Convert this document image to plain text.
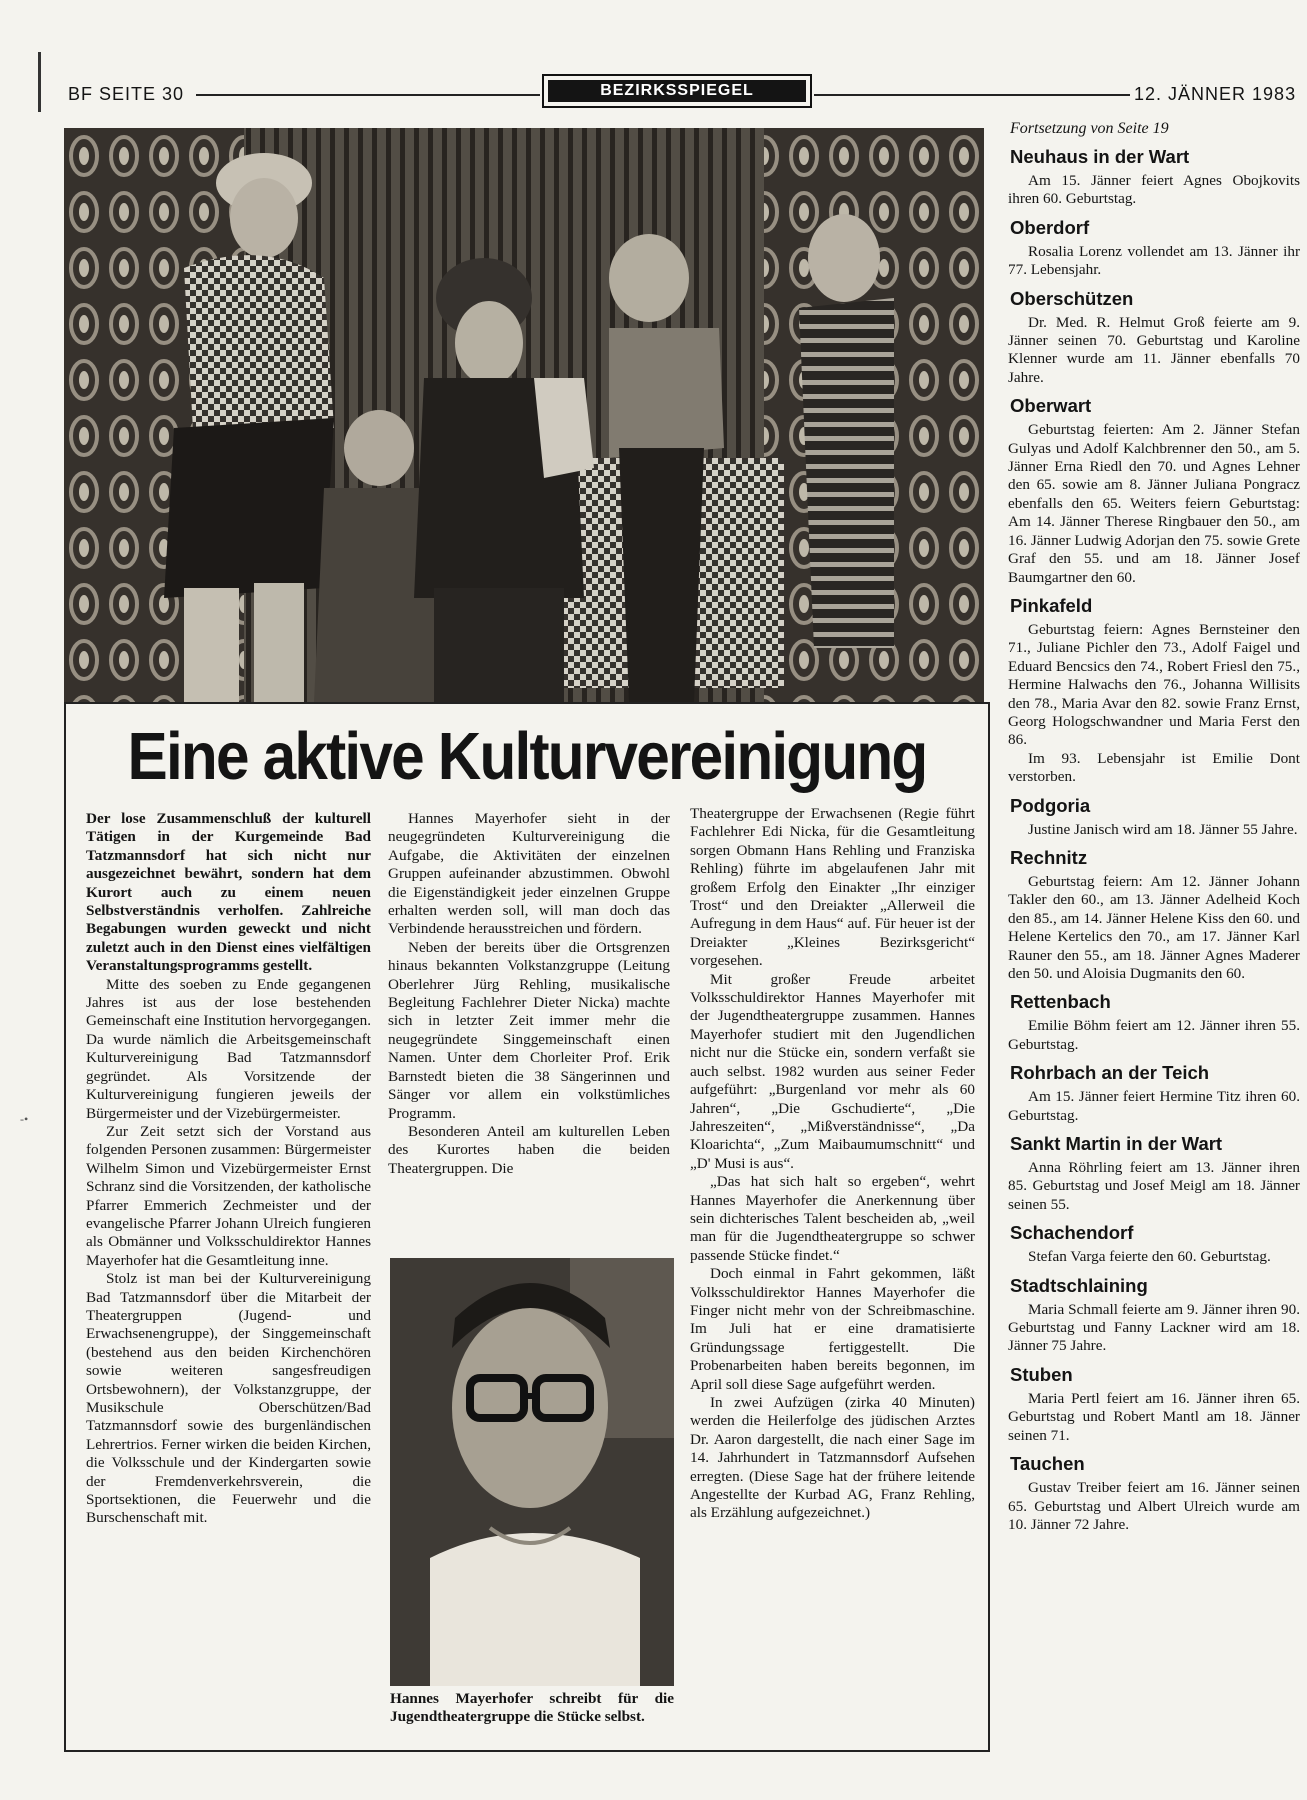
-•
BF SEITE 30	BEZIRKSSPIEGEL	12. JÄNNER 1983
Eine aktive Kulturvereinigung

Der lose Zusammenschluß der kulturell Tätigen in der Kurgemeinde Bad Tatzmannsdorf hat sich nicht nur ausgezeichnet bewährt, sondern hat dem Kurort auch zu einem neuen Selbstverständnis verholfen. Zahlreiche Begabungen wurden geweckt und nicht zuletzt auch in den Dienst eines vielfältigen Veranstaltungsprogramms gestellt.

Mitte des soeben zu Ende gegangenen Jahres ist aus der lose bestehenden Gemeinschaft eine Institution hervorgegangen. Da wurde nämlich die Arbeitsgemeinschaft Kulturvereinigung Bad Tatzmannsdorf gegründet. Als Vorsitzende der Kulturvereinigung fungieren jeweils der Bürgermeister und der Vizebürgermeister.

Zur Zeit setzt sich der Vorstand aus folgenden Personen zusammen: Bürgermeister Wilhelm Simon und Vizebürgermeister Ernst Schranz sind die Vorsitzenden, der katholische Pfarrer Emmerich Zechmeister und der evangelische Pfarrer Johann Ulreich fungieren als Obmänner und Volksschuldirektor Hannes Mayerhofer hat die Gesamtleitung inne.

Stolz ist man bei der Kulturvereinigung Bad Tatzmannsdorf über die Mitarbeit der Theatergruppen (Jugend- und Erwachsenengruppe), der Singgemeinschaft (bestehend aus den beiden Kirchenchören sowie weiteren sangesfreudigen Ortsbewohnern), der Volkstanzgruppe, der Musikschule Oberschützen/Bad Tatzmannsdorf sowie des burgenländischen Lehrertrios. Ferner wirken die beiden Kirchen, die Volksschule und der Kindergarten sowie der Fremdenverkehrsverein, die Sportsektionen, die Feuerwehr und die Burschenschaft mit.

Hannes Mayerhofer sieht in der neugegründeten Kulturvereinigung die Aufgabe, die Aktivitäten der einzelnen Gruppen aufeinander abzustimmen. Obwohl die Eigenständigkeit jeder einzelnen Gruppe erhalten werden soll, will man doch das Verbindende herausstreichen und fördern.

Neben der bereits über die Ortsgrenzen hinaus bekannten Volkstanzgruppe (Leitung Oberlehrer Jürg Rehling, musikalische Begleitung Fachlehrer Dieter Nicka) machte sich in letzter Zeit immer mehr die neugegründete Singgemeinschaft einen Namen. Unter dem Chorleiter Prof. Erik Barnstedt bieten die 38 Sängerinnen und Sänger vor allem ein volkstümliches Programm.

Besonderen Anteil am kulturellen Leben des Kurortes haben die beiden Theatergruppen. Die

Hannes Mayerhofer schreibt für die Jugendtheatergruppe die Stücke selbst.

Theatergruppe der Erwachsenen (Regie führt Fachlehrer Edi Nicka, für die Gesamtleitung sorgen Obmann Hans Rehling und Franziska Rehling) führte im abgelaufenen Jahr mit großem Erfolg den Einakter „Ihr einziger Trost“ und den Dreiakter „Allerweil die Aufregung in dem Haus“ auf. Für heuer ist der Dreiakter „Kleines Bezirksgericht“ vorgesehen.

Mit großer Freude arbeitet Volksschuldirektor Hannes Mayerhofer mit der Jugendtheatergruppe zusammen. Hannes Mayerhofer studiert mit den Jugendlichen nicht nur die Stücke ein, sondern verfaßt sie auch selbst. 1982 wurden aus seiner Feder aufgeführt: „Burgenland vor mehr als 60 Jahren“, „Die Gschudierte“, „Die Jahreszeiten“, „Mißverständnisse“, „Da Kloarichta“, „Zum Maibaumumschnitt“ und „D' Musi is aus“.

„Das hat sich halt so ergeben“, wehrt Hannes Mayerhofer die Anerkennung über sein dichterisches Talent bescheiden ab, „weil man für die Jugendtheatergruppe so schwer passende Stücke findet.“

Doch einmal in Fahrt gekommen, läßt Volksschuldirektor Hannes Mayerhofer die Finger nicht mehr von der Schreibmaschine. Im Juli hat er eine dramatisierte Gründungssage fertiggestellt. Die Probenarbeiten haben bereits begonnen, im April soll diese Sage aufgeführt werden.

In zwei Aufzügen (zirka 40 Minuten) werden die Heilerfolge des jüdischen Arztes Dr. Aaron dargestellt, die nach einer Sage im 14. Jahrhundert in Tatzmannsdorf Aufsehen erregten. (Diese Sage hat der frühere leitende Angestellte der Kurbad AG, Franz Rehling, als Erzählung aufgezeichnet.)

Fortsetzung von Seite 19
Neuhaus in der Wart

Am 15. Jänner feiert Agnes Obojkovits ihren 60. Geburtstag.

Oberdorf

Rosalia Lorenz vollendet am 13. Jänner ihr 77. Lebensjahr.

Oberschützen

Dr. Med. R. Helmut Groß feierte am 9. Jänner seinen 70. Geburtstag und Karoline Klenner wurde am 11. Jänner ebenfalls 70 Jahre.

Oberwart

Geburtstag feierten: Am 2. Jänner Stefan Gulyas und Adolf Kalchbrenner den 50., am 5. Jänner Erna Riedl den 70. und Agnes Lehner den 65. sowie am 8. Jänner Juliana Pongracz ebenfalls den 65. Weiters feiern Geburtstag: Am 14. Jänner Therese Ringbauer den 50., am 16. Jänner Ludwig Adorjan den 75. sowie Grete Graf den 55. und am 18. Jänner Josef Baumgartner den 60.

Pinkafeld

Geburtstag feiern: Agnes Bernsteiner den 71., Juliane Pichler den 73., Adolf Faigel und Eduard Bencsics den 74., Robert Friesl den 75., Hermine Halwachs den 76., Johanna Willisits den 78., Maria Avar den 82. sowie Franz Ernst, Georg Hologschwandner und Maria Ferst den 86.

Im 93. Lebensjahr ist Emilie Dont verstorben.

Podgoria

Justine Janisch wird am 18. Jänner 55 Jahre.

Rechnitz

Geburtstag feiern: Am 12. Jänner Johann Takler den 60., am 13. Jänner Adelheid Koch den 85., am 14. Jänner Helene Kiss den 60. und Helene Kertelics den 70., am 17. Jänner Karl Rauner den 55., am 18. Jänner Agnes Maderer den 50. und Aloisia Dugmanits den 60.

Rettenbach

Emilie Böhm feiert am 12. Jänner ihren 55. Geburtstag.

Rohrbach an der Teich

Am 15. Jänner feiert Hermine Titz ihren 60. Geburtstag.

Sankt Martin in der Wart

Anna Röhrling feiert am 13. Jänner ihren 85. Geburtstag und Josef Meigl am 18. Jänner seinen 55.

Schachendorf

Stefan Varga feierte den 60. Geburtstag.

Stadtschlaining

Maria Schmall feierte am 9. Jänner ihren 90. Geburtstag und Fanny Lackner wird am 18. Jänner 75 Jahre.

Stuben

Maria Pertl feiert am 16. Jänner ihren 65. Geburtstag und Robert Mantl am 18. Jänner seinen 71.

Tauchen

Gustav Treiber feiert am 16. Jänner seinen 65. Geburtstag und Albert Ulreich wurde am 10. Jänner 72 Jahre.
